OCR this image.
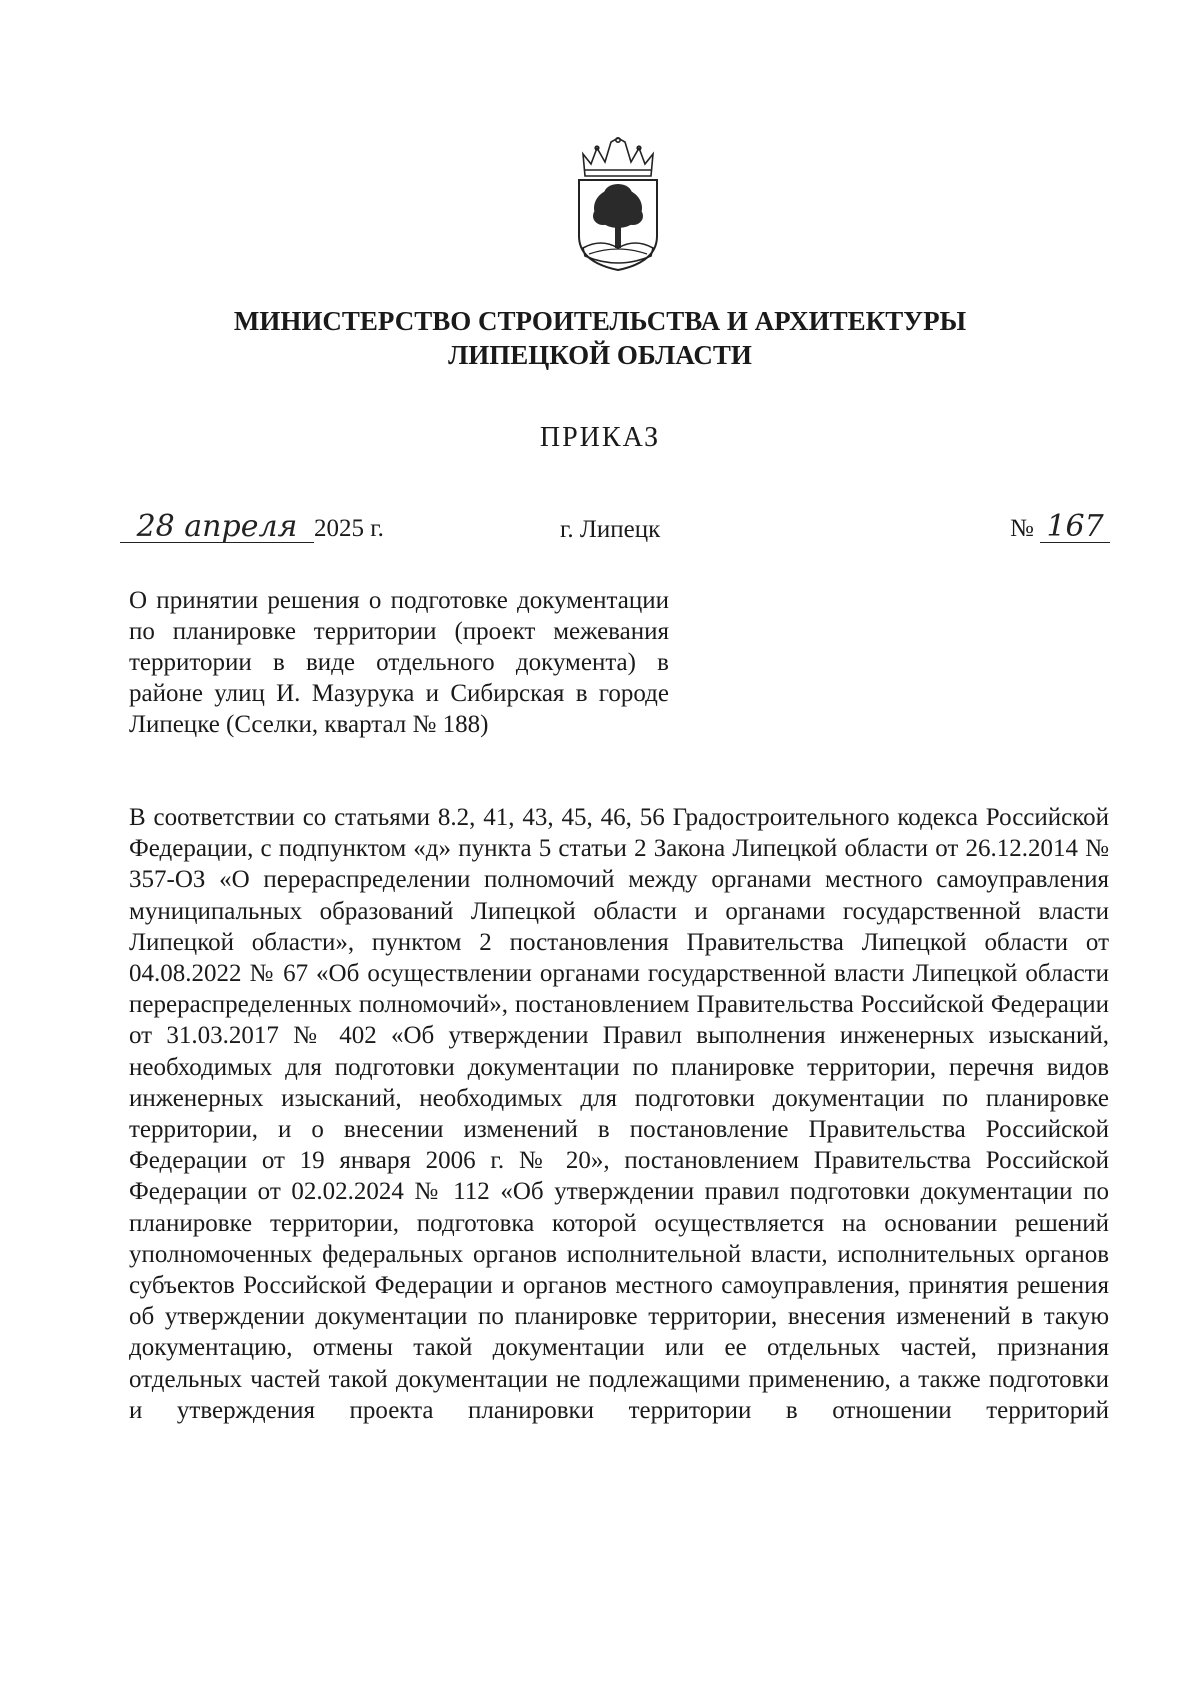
МИНИСТЕРСТВО СТРОИТЕЛЬСТВА И АРХИТЕКТУРЫ
ЛИПЕЦКОЙ ОБЛАСТИ
ПРИКАЗ
28 апреля 2025 г.	г. Липецк	№ 167
О принятии решения о подготовке документации по планировке территории (проект межевания территории в виде отдельного документа) в районе улиц И. Мазурука и Сибирская в городе Липецке (Сселки, квартал № 188)

В соответствии со статьями 8.2, 41, 43, 45, 46, 56 Градостроительного кодекса Российской Федерации, с подпунктом «д» пункта 5 статьи 2 Закона Липецкой области от 26.12.2014 № 357-ОЗ «О перераспределении полномочий между органами местного самоуправления муниципальных образований Липецкой области и органами государственной власти Липецкой области», пунктом 2 постановления Правительства Липецкой области от 04.08.2022 № 67 «Об осуществлении органами государственной власти Липецкой области перераспределенных полномочий», постановлением Правительства Российской Федерации от 31.03.2017 № 402 «Об утверждении Правил выполнения инженерных изысканий, необходимых для подготовки документации по планировке территории, перечня видов инженерных изысканий, необходимых для подготовки документации по планировке территории, и о внесении изменений в постановление Правительства Российской Федерации от 19 января 2006 г. № 20», постановлением Правительства Российской Федерации от 02.02.2024 № 112 «Об утверждении правил подготовки документации по планировке территории, подготовка которой осуществляется на основании решений уполномоченных федеральных органов исполнительной власти, исполнительных органов субъектов Российской Федерации и органов местного самоуправления, принятия решения об утверждении документации по планировке территории, внесения изменений в такую документацию, отмены такой документации или ее отдельных частей, признания отдельных частей такой документации не подлежащими применению, а также подготовки и утверждения проекта планировки территории в отношении территорий
